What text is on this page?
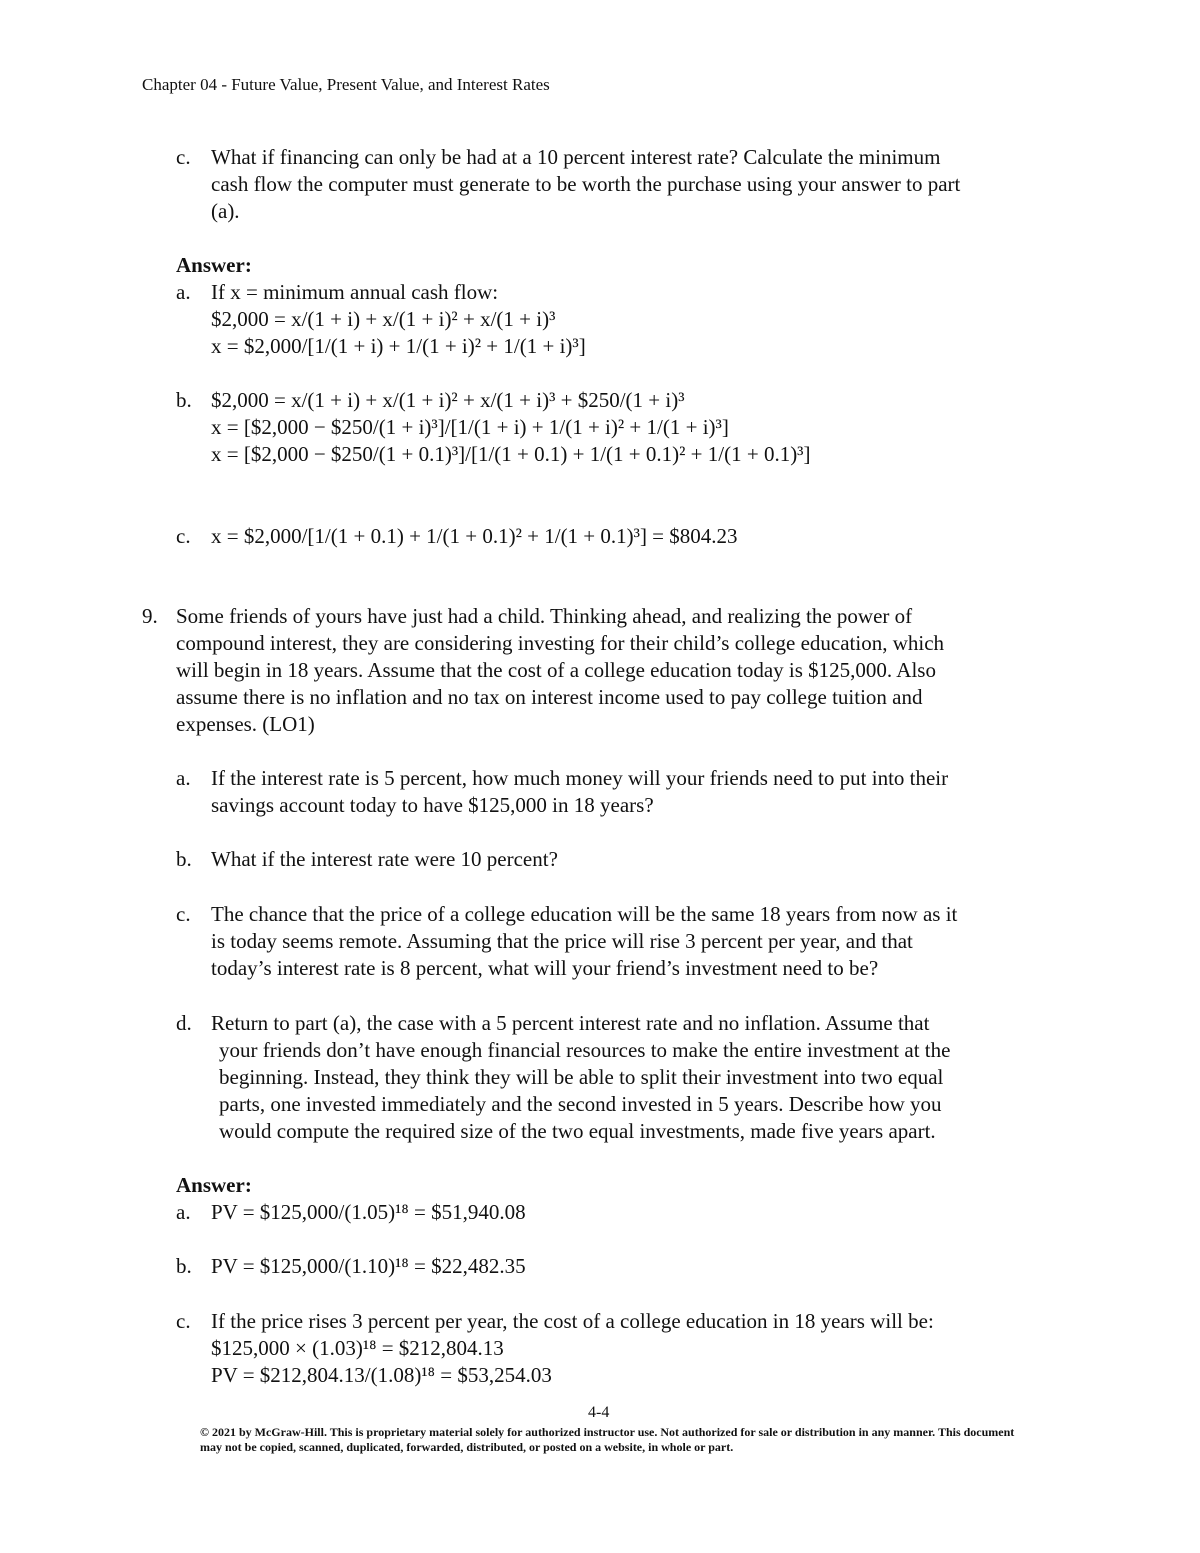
Chapter 04 - Future Value, Present Value, and Interest Rates
c. What if financing can only be had at a 10 percent interest rate? Calculate the minimum
cash flow the computer must generate to be worth the purchase using your answer to part
(a).
Answer:
a. If x = minimum annual cash flow:
$2,000 = x/(1 + i) + x/(1 + i)² + x/(1 + i)³
x = $2,000/[1/(1 + i) + 1/(1 + i)² + 1/(1 + i)³]
b. $2,000 = x/(1 + i) + x/(1 + i)² + x/(1 + i)³ + $250/(1 + i)³
x = [$2,000 − $250/(1 + i)³]/[1/(1 + i) + 1/(1 + i)² + 1/(1 + i)³]
x = [$2,000 − $250/(1 + 0.1)³]/[1/(1 + 0.1) + 1/(1 + 0.1)² + 1/(1 + 0.1)³]
c. x = $2,000/[1/(1 + 0.1) + 1/(1 + 0.1)² + 1/(1 + 0.1)³] = $804.23
9. Some friends of yours have just had a child. Thinking ahead, and realizing the power of
compound interest, they are considering investing for their child’s college education, which
will begin in 18 years. Assume that the cost of a college education today is $125,000. Also
assume there is no inflation and no tax on interest income used to pay college tuition and
expenses. (LO1)
a. If the interest rate is 5 percent, how much money will your friends need to put into their
savings account today to have $125,000 in 18 years?
b. What if the interest rate were 10 percent?
c. The chance that the price of a college education will be the same 18 years from now as it
is today seems remote. Assuming that the price will rise 3 percent per year, and that
today’s interest rate is 8 percent, what will your friend’s investment need to be?
d. Return to part (a), the case with a 5 percent interest rate and no inflation. Assume that
your friends don’t have enough financial resources to make the entire investment at the
beginning. Instead, they think they will be able to split their investment into two equal
parts, one invested immediately and the second invested in 5 years. Describe how you
would compute the required size of the two equal investments, made five years apart.
Answer:
a. PV = $125,000/(1.05)¹⁸ = $51,940.08
b. PV = $125,000/(1.10)¹⁸ = $22,482.35
c. If the price rises 3 percent per year, the cost of a college education in 18 years will be:
$125,000 × (1.03)¹⁸ = $212,804.13
PV = $212,804.13/(1.08)¹⁸ = $53,254.03
4-4
© 2021 by McGraw-Hill. This is proprietary material solely for authorized instructor use. Not authorized for sale or distribution in any manner. This document may not be copied, scanned, duplicated, forwarded, distributed, or posted on a website, in whole or part.
